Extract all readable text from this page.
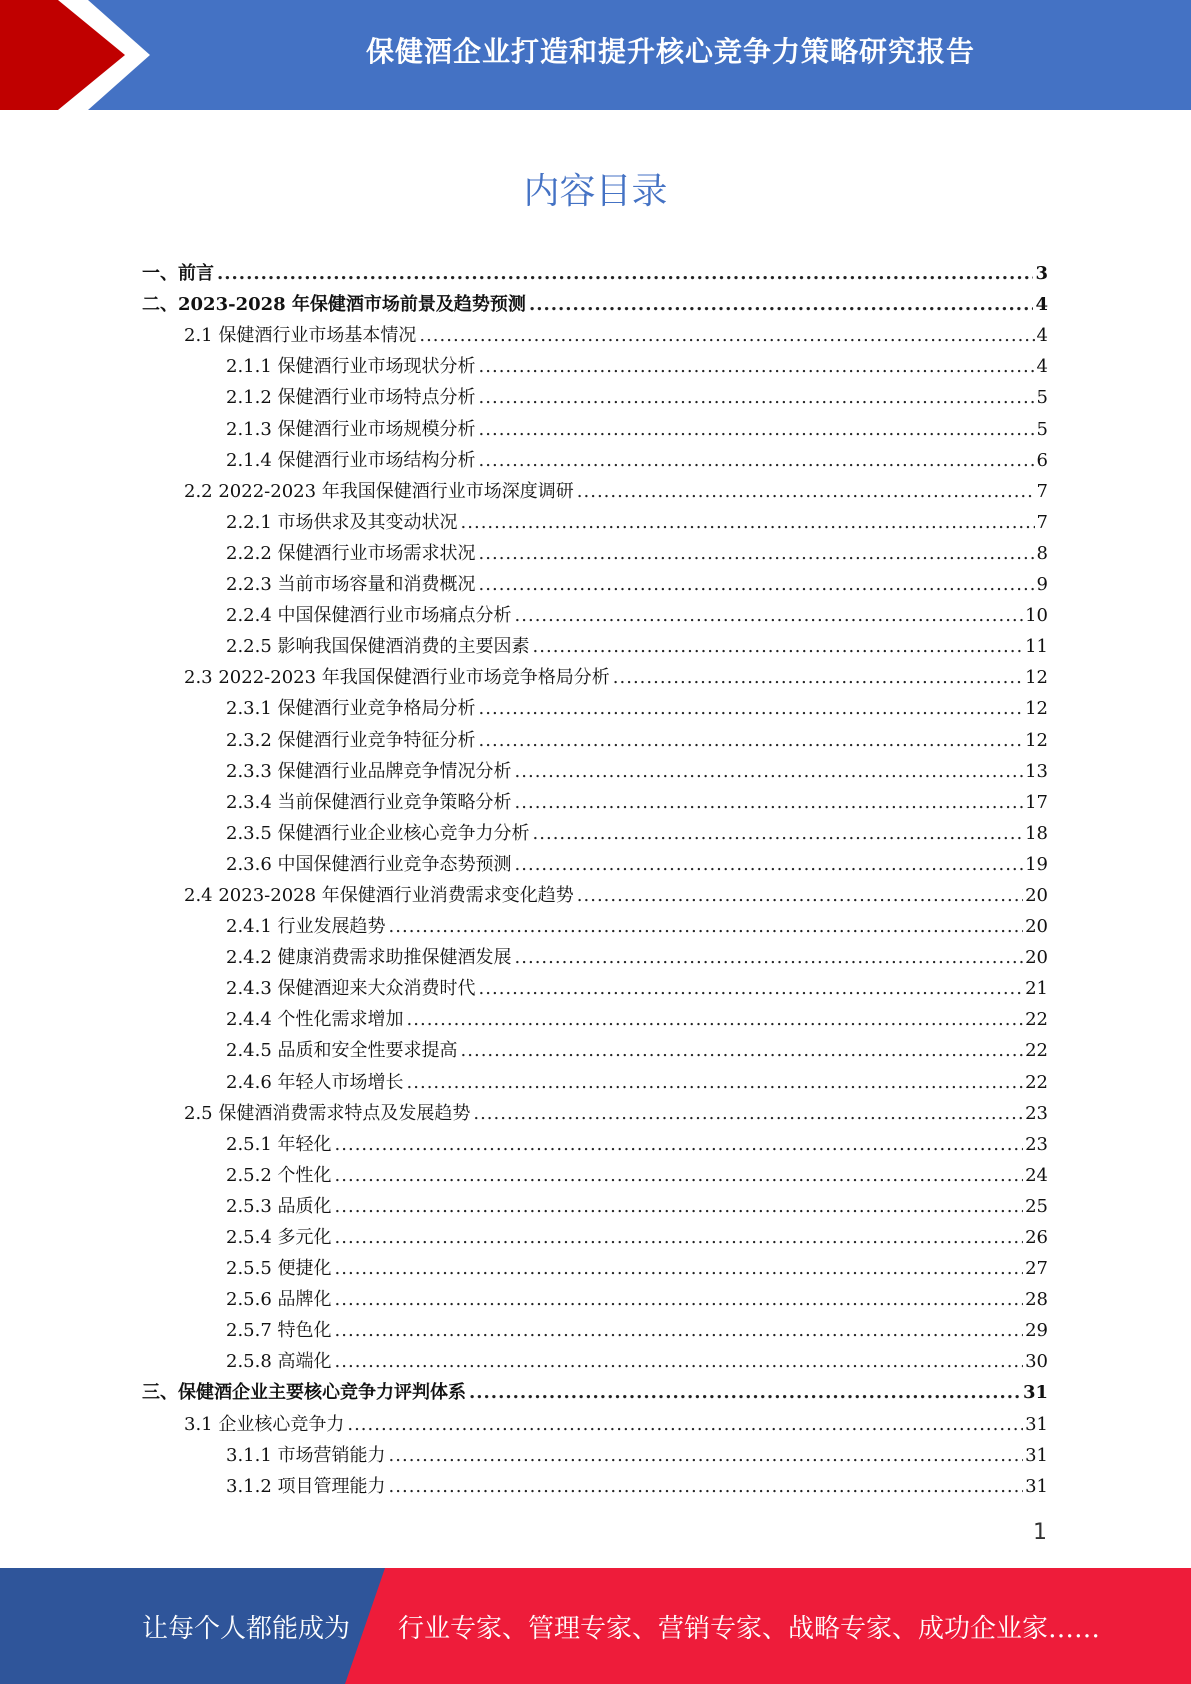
保健酒企业打造和提升核心竞争力策略研究报告
内容目录
一、前言 .....	3
二、2023-2028 年保健酒市场前景及趋势预测 .....	4
2.1 保健酒行业市场基本情况 .....	4
2.1.1 保健酒行业市场现状分析 .....	4
2.1.2 保健酒行业市场特点分析 .....	5
2.1.3 保健酒行业市场规模分析 .....	5
2.1.4 保健酒行业市场结构分析 .....	6
2.2 2022-2023 年我国保健酒行业市场深度调研 .....	7
2.2.1 市场供求及其变动状况 .....	7
2.2.2 保健酒行业市场需求状况 .....	8
2.2.3 当前市场容量和消费概况 .....	9
2.2.4 中国保健酒行业市场痛点分析 .....	10
2.2.5 影响我国保健酒消费的主要因素 .....	11
2.3 2022-2023 年我国保健酒行业市场竞争格局分析 .....	12
2.3.1 保健酒行业竞争格局分析 .....	12
2.3.2 保健酒行业竞争特征分析 .....	12
2.3.3 保健酒行业品牌竞争情况分析 .....	13
2.3.4 当前保健酒行业竞争策略分析 .....	17
2.3.5 保健酒行业企业核心竞争力分析 .....	18
2.3.6 中国保健酒行业竞争态势预测 .....	19
2.4 2023-2028 年保健酒行业消费需求变化趋势 .....	20
2.4.1 行业发展趋势 .....	20
2.4.2 健康消费需求助推保健酒发展 .....	20
2.4.3 保健酒迎来大众消费时代 .....	21
2.4.4 个性化需求增加 .....	22
2.4.5 品质和安全性要求提高 .....	22
2.4.6 年轻人市场增长 .....	22
2.5 保健酒消费需求特点及发展趋势 .....	23
2.5.1 年轻化 .....	23
2.5.2 个性化 .....	24
2.5.3 品质化 .....	25
2.5.4 多元化 .....	26
2.5.5 便捷化 .....	27
2.5.6 品牌化 .....	28
2.5.7 特色化 .....	29
2.5.8 高端化 .....	30
三、保健酒企业主要核心竞争力评判体系 .....	31
3.1 企业核心竞争力 .....	31
3.1.1 市场营销能力 .....	31
3.1.2 项目管理能力 .....	31
1
让每个人都能成为 行业专家、管理专家、营销专家、战略专家、成功企业家……
